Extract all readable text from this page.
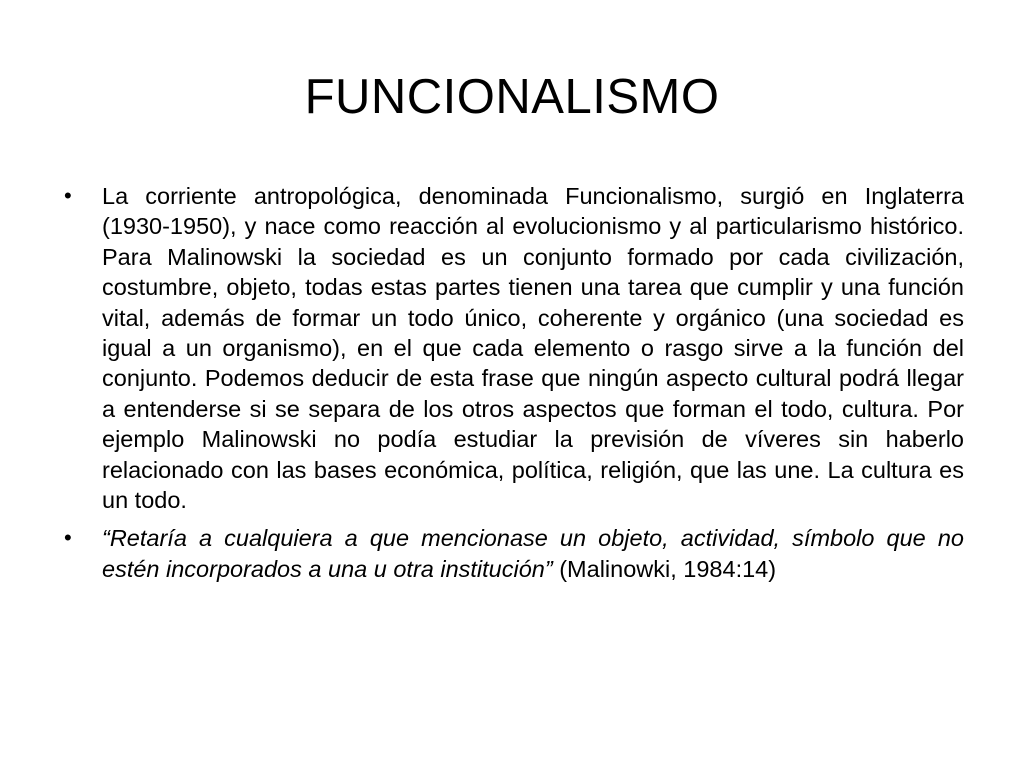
FUNCIONALISMO
• La corriente antropológica, denominada Funcionalismo, surgió en Inglaterra (1930-1950), y nace como reacción al evolucionismo y al particularismo histórico.
Para Malinowski la sociedad es un conjunto formado por cada civilización, costumbre, objeto, todas estas partes tienen una tarea que cumplir y una función vital, además de formar un todo único, coherente y orgánico (una sociedad es igual a un organismo), en el que cada elemento o rasgo sirve a la función del conjunto. Podemos deducir de esta frase que ningún aspecto cultural podrá llegar a entenderse si se separa de los otros aspectos que forman el todo, cultura. Por ejemplo Malinowski no podía estudiar la previsión de víveres sin haberlo relacionado con las bases económica, política, religión, que las une. La cultura es un todo.
• “Retaría a cualquiera a que mencionase un objeto, actividad, símbolo que no estén incorporados a una u otra institución” (Malinowki, 1984:14)
